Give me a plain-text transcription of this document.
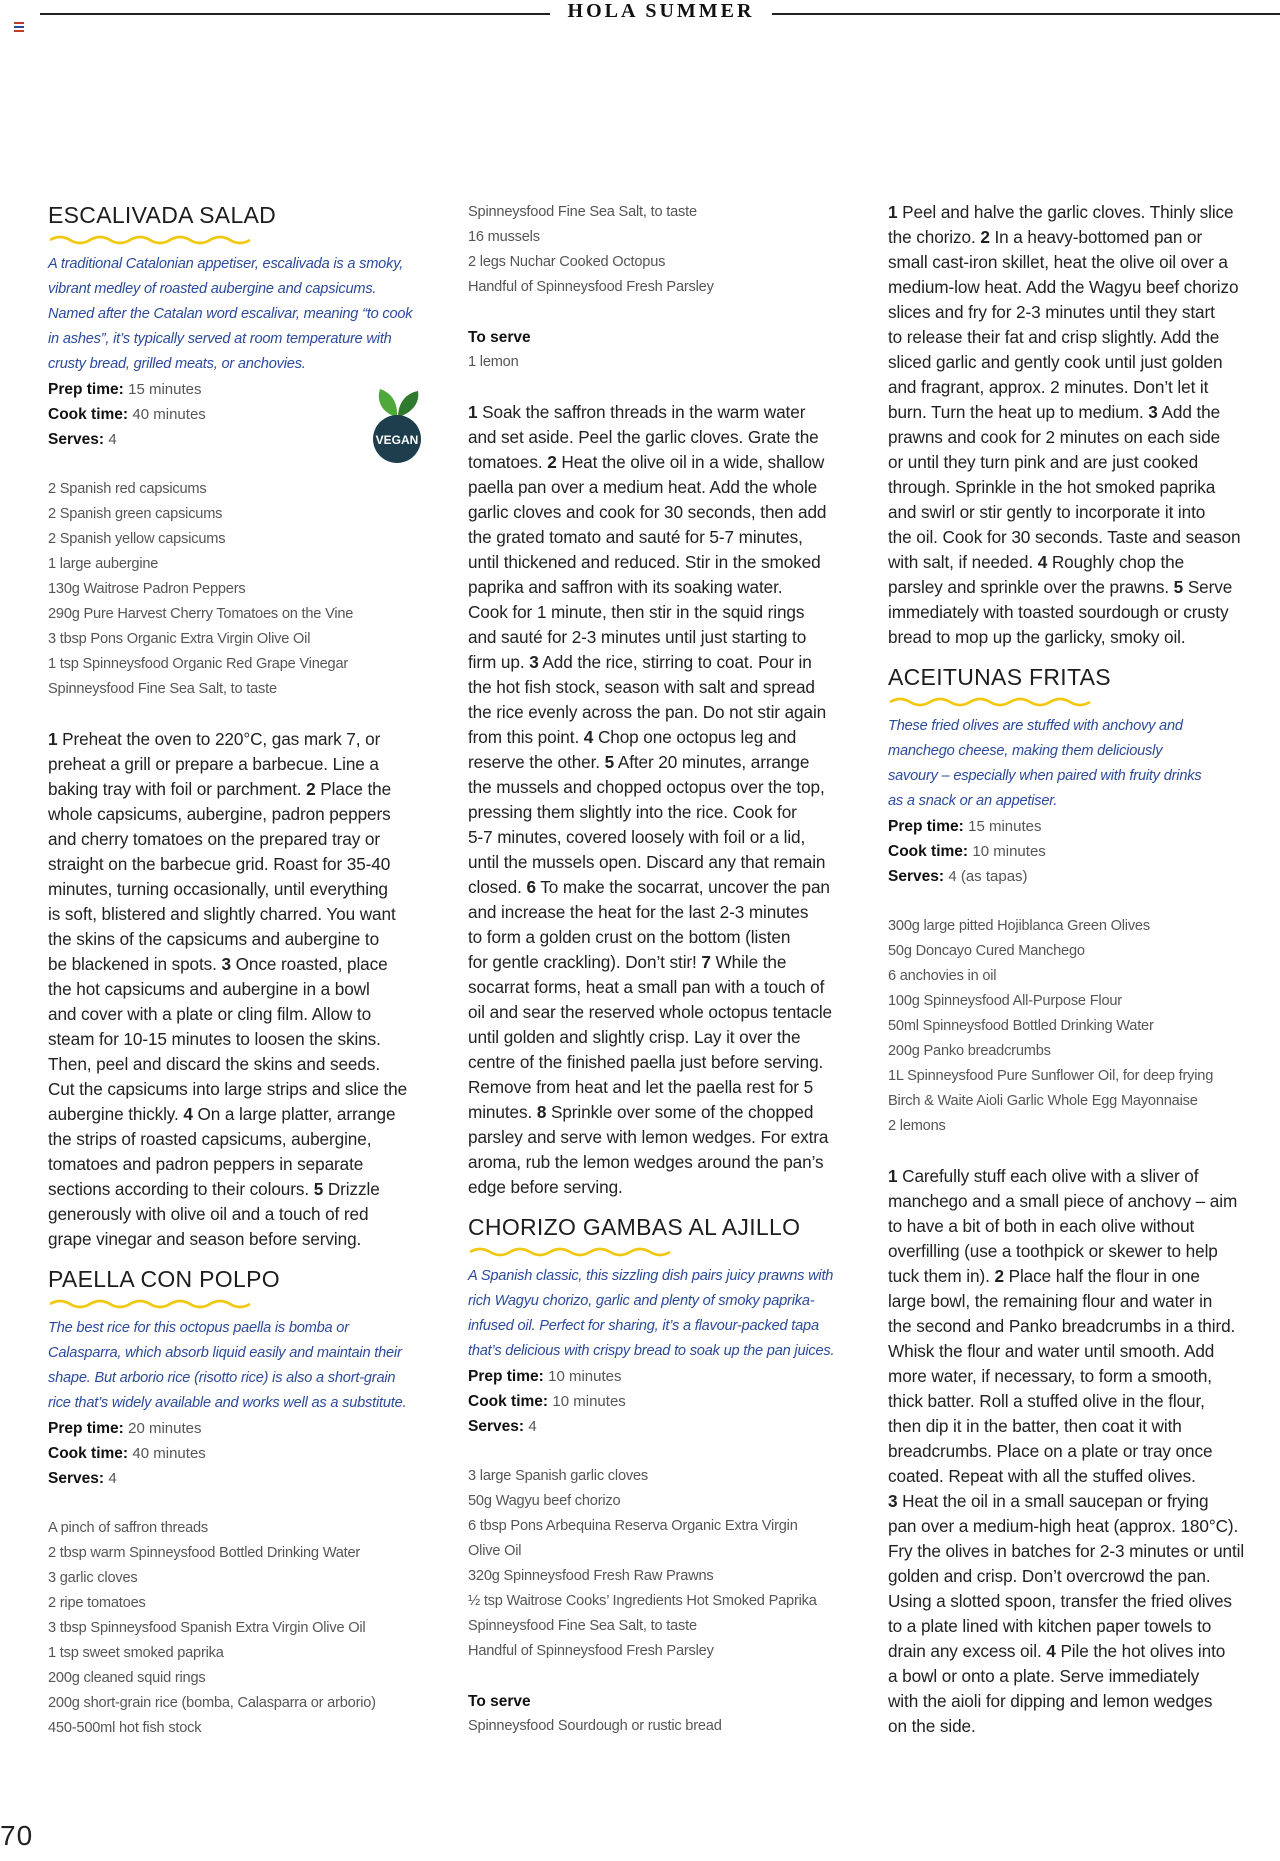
HOLA SUMMER
ESCALIVADA SALAD

A traditional Catalonian appetiser, escalivada is a smoky,

vibrant medley of roasted aubergine and capsicums.

Named after the Catalan word escalivar, meaning “to cook

in ashes”, it’s typically served at room temperature with

crusty bread, grilled meats, or anchovies.

Prep time: 15 minutes

Cook time: 40 minutes

Serves: 4

2 Spanish red capsicums
2 Spanish green capsicums
2 Spanish yellow capsicums
1 large aubergine
130g Waitrose Padron Peppers
290g Pure Harvest Cherry Tomatoes on the Vine
3 tbsp Pons Organic Extra Virgin Olive Oil
1 tsp Spinneysfood Organic Red Grape Vinegar
Spinneysfood Fine Sea Salt, to taste

1 Preheat the oven to 220°C, gas mark 7, or

preheat a grill or prepare a barbecue. Line a

baking tray with foil or parchment. 2 Place the

whole capsicums, aubergine, padron peppers

and cherry tomatoes on the prepared tray or

straight on the barbecue grid. Roast for 35-40

minutes, turning occasionally, until everything

is soft, blistered and slightly charred. You want

the skins of the capsicums and aubergine to

be blackened in spots. 3 Once roasted, place

the hot capsicums and aubergine in a bowl

and cover with a plate or cling film. Allow to

steam for 10-15 minutes to loosen the skins.

Then, peel and discard the skins and seeds.

Cut the capsicums into large strips and slice the

aubergine thickly. 4 On a large platter, arrange

the strips of roasted capsicums, aubergine,

tomatoes and padron peppers in separate

sections according to their colours. 5 Drizzle

generously with olive oil and a touch of red

grape vinegar and season before serving.

PAELLA CON POLPO

The best rice for this octopus paella is bomba or

Calasparra, which absorb liquid easily and maintain their

shape. But arborio rice (risotto rice) is also a short-grain

rice that’s widely available and works well as a substitute.

Prep time: 20 minutes

Cook time: 40 minutes

Serves: 4

A pinch of saffron threads
2 tbsp warm Spinneysfood Bottled Drinking Water
3 garlic cloves
2 ripe tomatoes
3 tbsp Spinneysfood Spanish Extra Virgin Olive Oil
1 tsp sweet smoked paprika
200g cleaned squid rings
200g short-grain rice (bomba, Calasparra or arborio)
450-500ml hot fish stock
VEGAN
Spinneysfood Fine Sea Salt, to taste
16 mussels
2 legs Nuchar Cooked Octopus
Handful of Spinneysfood Fresh Parsley

To serve

1 lemon

1 Soak the saffron threads in the warm water

and set aside. Peel the garlic cloves. Grate the

tomatoes. 2 Heat the olive oil in a wide, shallow

paella pan over a medium heat. Add the whole

garlic cloves and cook for 30 seconds, then add

the grated tomato and sauté for 5-7 minutes,

until thickened and reduced. Stir in the smoked

paprika and saffron with its soaking water.

Cook for 1 minute, then stir in the squid rings

and sauté for 2-3 minutes until just starting to

firm up. 3 Add the rice, stirring to coat. Pour in

the hot fish stock, season with salt and spread

the rice evenly across the pan. Do not stir again

from this point. 4 Chop one octopus leg and

reserve the other. 5 After 20 minutes, arrange

the mussels and chopped octopus over the top,

pressing them slightly into the rice. Cook for

5-7 minutes, covered loosely with foil or a lid,

until the mussels open. Discard any that remain

closed. 6 To make the socarrat, uncover the pan

and increase the heat for the last 2-3 minutes

to form a golden crust on the bottom (listen

for gentle crackling). Don’t stir! 7 While the

socarrat forms, heat a small pan with a touch of

oil and sear the reserved whole octopus tentacle

until golden and slightly crisp. Lay it over the

centre of the finished paella just before serving.

Remove from heat and let the paella rest for 5

minutes. 8 Sprinkle over some of the chopped

parsley and serve with lemon wedges. For extra

aroma, rub the lemon wedges around the pan’s

edge before serving.

CHORIZO GAMBAS AL AJILLO

A Spanish classic, this sizzling dish pairs juicy prawns with

rich Wagyu chorizo, garlic and plenty of smoky paprika-

infused oil. Perfect for sharing, it’s a flavour-packed tapa

that’s delicious with crispy bread to soak up the pan juices.

Prep time: 10 minutes

Cook time: 10 minutes

Serves: 4

3 large Spanish garlic cloves
50g Wagyu beef chorizo
6 tbsp Pons Arbequina Reserva Organic Extra Virgin
Olive Oil
320g Spinneysfood Fresh Raw Prawns
½ tsp Waitrose Cooks’ Ingredients Hot Smoked Paprika
Spinneysfood Fine Sea Salt, to taste
Handful of Spinneysfood Fresh Parsley

To serve

Spinneysfood Sourdough or rustic bread

1 Peel and halve the garlic cloves. Thinly slice

the chorizo. 2 In a heavy-bottomed pan or

small cast-iron skillet, heat the olive oil over a

medium-low heat. Add the Wagyu beef chorizo

slices and fry for 2-3 minutes until they start

to release their fat and crisp slightly. Add the

sliced garlic and gently cook until just golden

and fragrant, approx. 2 minutes. Don’t let it

burn. Turn the heat up to medium. 3 Add the

prawns and cook for 2 minutes on each side

or until they turn pink and are just cooked

through. Sprinkle in the hot smoked paprika

and swirl or stir gently to incorporate it into

the oil. Cook for 30 seconds. Taste and season

with salt, if needed. 4 Roughly chop the

parsley and sprinkle over the prawns. 5 Serve

immediately with toasted sourdough or crusty

bread to mop up the garlicky, smoky oil.

ACEITUNAS FRITAS

These fried olives are stuffed with anchovy and

manchego cheese, making them deliciously

savoury – especially when paired with fruity drinks

as a snack or an appetiser.

Prep time: 15 minutes

Cook time: 10 minutes

Serves: 4 (as tapas)

300g large pitted Hojiblanca Green Olives
50g Doncayo Cured Manchego
6 anchovies in oil
100g Spinneysfood All-Purpose Flour
50ml Spinneysfood Bottled Drinking Water
200g Panko breadcrumbs
1L Spinneysfood Pure Sunflower Oil, for deep frying
Birch & Waite Aioli Garlic Whole Egg Mayonnaise
2 lemons

1 Carefully stuff each olive with a sliver of

manchego and a small piece of anchovy – aim

to have a bit of both in each olive without

overfilling (use a toothpick or skewer to help

tuck them in). 2 Place half the flour in one

large bowl, the remaining flour and water in

the second and Panko breadcrumbs in a third.

Whisk the flour and water until smooth. Add

more water, if necessary, to form a smooth,

thick batter. Roll a stuffed olive in the flour,

then dip it in the batter, then coat it with

breadcrumbs. Place on a plate or tray once

coated. Repeat with all the stuffed olives.

3 Heat the oil in a small saucepan or frying

pan over a medium-high heat (approx. 180°C).

Fry the olives in batches for 2-3 minutes or until

golden and crisp. Don’t overcrowd the pan.

Using a slotted spoon, transfer the fried olives

to a plate lined with kitchen paper towels to

drain any excess oil. 4 Pile the hot olives into

a bowl or onto a plate. Serve immediately

with the aioli for dipping and lemon wedges

on the side.

70
